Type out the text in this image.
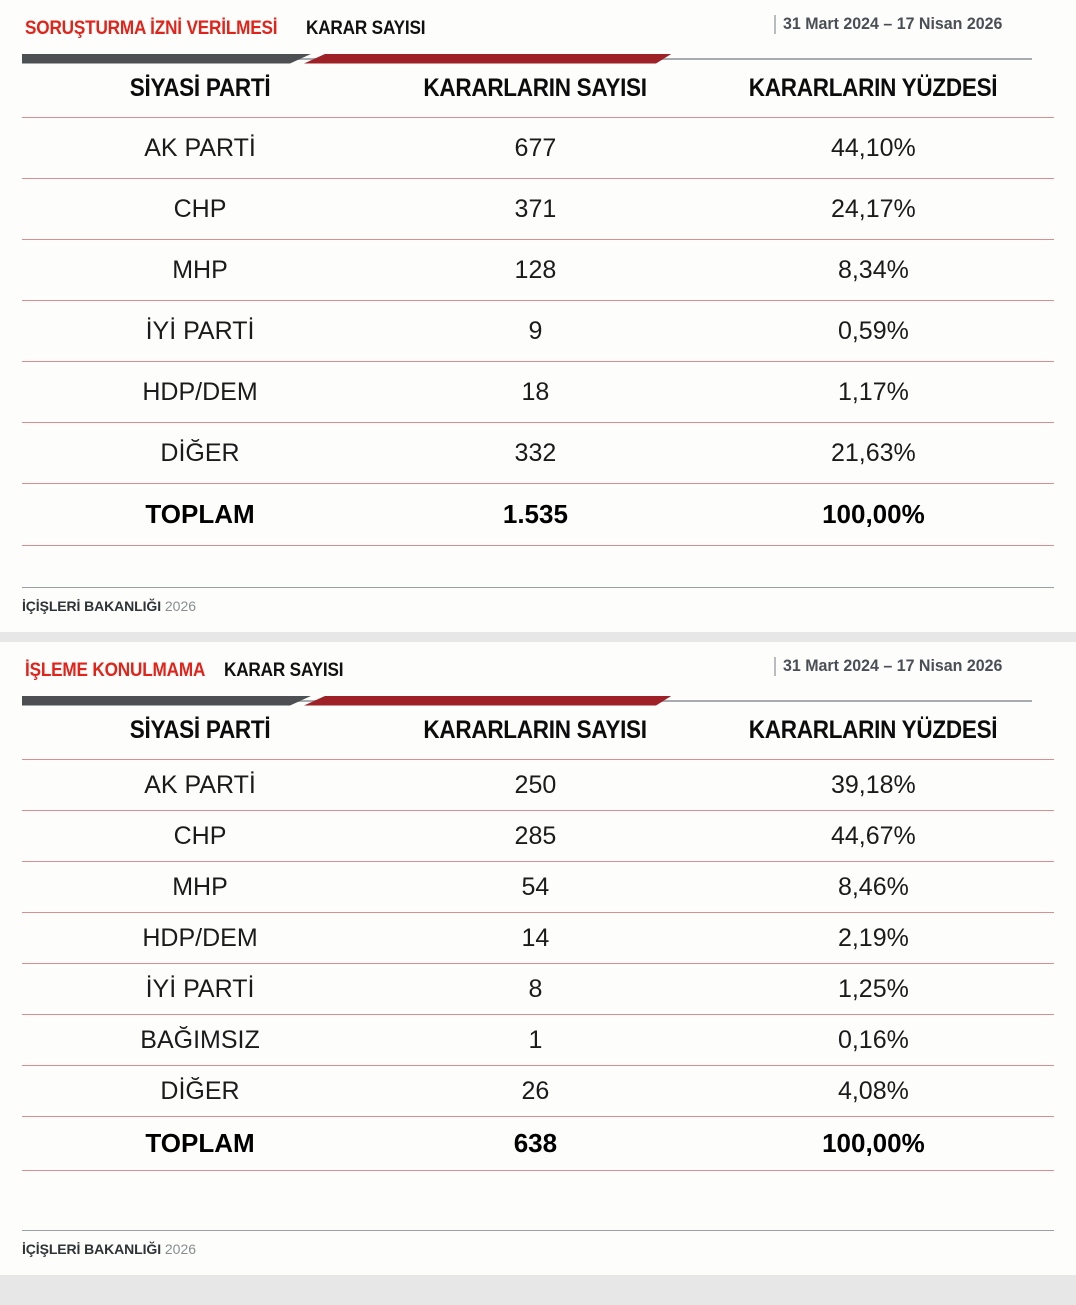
SORUŞTURMA İZNİ VERİLMESİ KARAR SAYISI	31 Mart 2024 – 17 Nisan 2026
SİYASİ PARTİ	KARARLARIN SAYISI	KARARLARIN YÜZDESİ
AK PARTİ	677	44,10%
CHP	371	24,17%
MHP	128	8,34%
İYİ PARTİ	9	0,59%
HDP/DEM	18	1,17%
DİĞER	332	21,63%
TOPLAM	1.535	100,00%

İÇİŞLERİ BAKANLIĞI 2026
İŞLEME KONULMAMA KARAR SAYISI	31 Mart 2024 – 17 Nisan 2026
SİYASİ PARTİ	KARARLARIN SAYISI	KARARLARIN YÜZDESİ
AK PARTİ	250	39,18%
CHP	285	44,67%
MHP	54	8,46%
HDP/DEM	14	2,19%
İYİ PARTİ	8	1,25%
BAĞIMSIZ	1	0,16%
DİĞER	26	4,08%
TOPLAM	638	100,00%

İÇİŞLERİ BAKANLIĞI 2026
